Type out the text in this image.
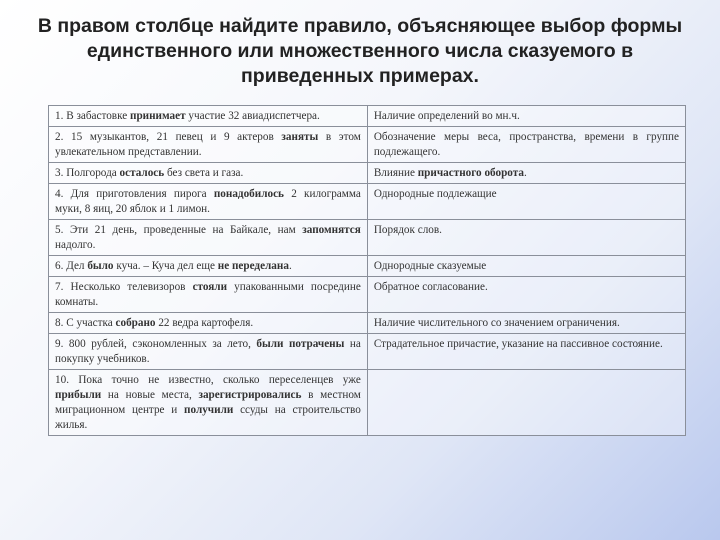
В правом столбце найдите правило, объясняющее выбор формы единственного или множественного числа сказуемого в приведенных примерах.
1. В забастовке принимает участие 32 авиадиспетчера.	Наличие определений во мн.ч.
2. 15 музыкантов, 21 певец и 9 актеров заняты в этом увлекательном представлении.	Обозначение меры веса, пространства, времени в группе подлежащего.
3. Полгорода осталось без света и газа.	Влияние причастного оборота.
4. Для приготовления пирога понадобилось 2 килограмма муки, 8 яиц, 20 яблок и 1 лимон.	Однородные подлежащие
5. Эти 21 день, проведенные на Байкале, нам запомнятся надолго.	Порядок слов.
6. Дел было куча. – Куча дел еще не переделана.	Однородные сказуемые
7. Несколько телевизоров стояли упакованными посредине комнаты.	Обратное согласование.
8. С участка собрано 22 ведра картофеля.	Наличие числительного со значением ограничения.
9. 800 рублей, сэкономленных за лето, были потрачены на покупку учебников.	Страдательное причастие, указание на пассивное состояние.
10. Пока точно не известно, сколько переселенцев уже прибыли на новые места, зарегистрировались в местном миграционном центре и получили ссуды на строительство жилья.	
